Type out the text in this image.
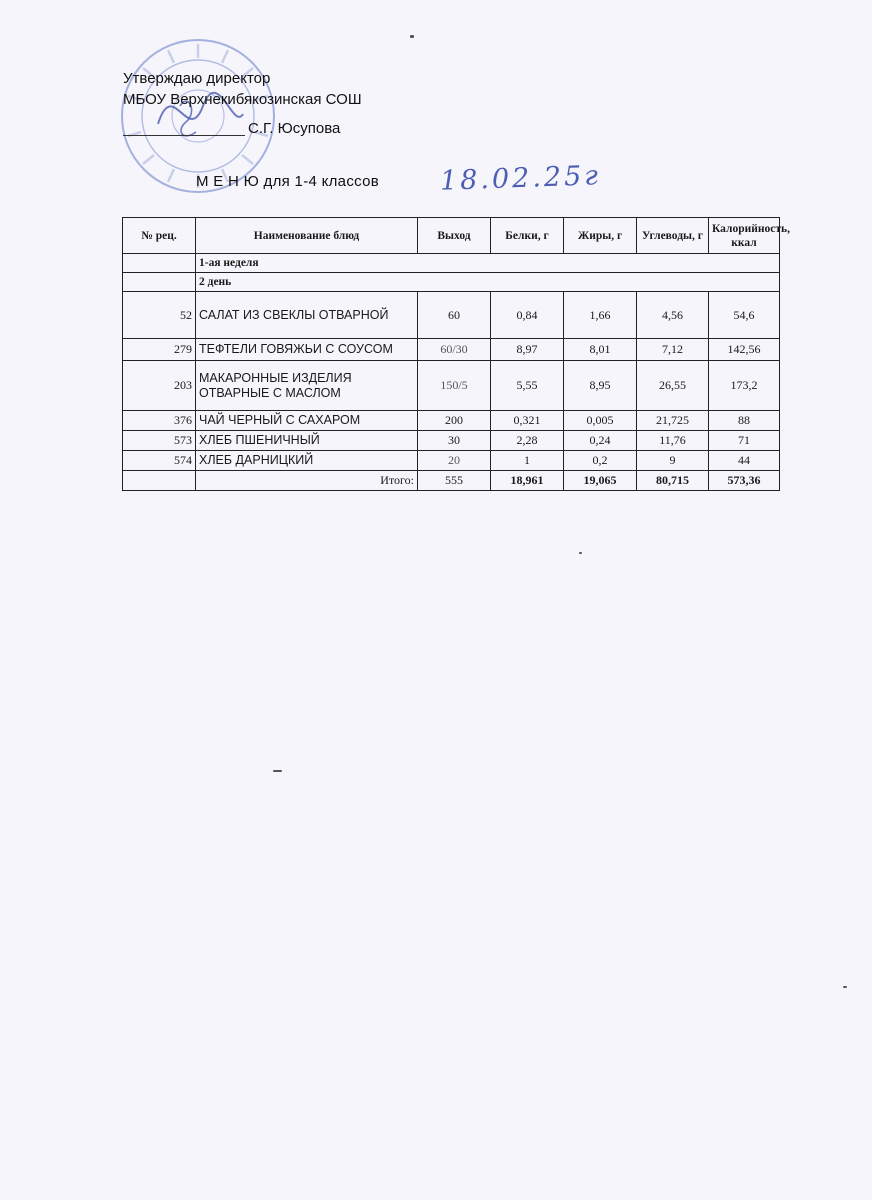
Утверждаю директор
МБОУ Верхнекибякозинская СОШ
С.Г. Юсупова
М Е Н Ю для 1-4 классов 18.02.25г
№ рец.	Наименование блюд	Выход	Белки, г	Жиры, г	Углеводы, г	Калорийность, ккал
	1-ая неделя					
	2 день					
52	САЛАТ ИЗ СВЕКЛЫ ОТВАРНОЙ	60	0,84	1,66	4,56	54,6
279	ТЕФТЕЛИ ГОВЯЖЬИ С СОУСОМ	60/30	8,97	8,01	7,12	142,56
203	МАКАРОННЫЕ ИЗДЕЛИЯ ОТВАРНЫЕ С МАСЛОМ	150/5	5,55	8,95	26,55	173,2
376	ЧАЙ ЧЕРНЫЙ С САХАРОМ	200	0,321	0,005	21,725	88
573	ХЛЕБ ПШЕНИЧНЫЙ	30	2,28	0,24	11,76	71
574	ХЛЕБ ДАРНИЦКИЙ	20	1	0,2	9	44
	Итого:	555	18,961	19,065	80,715	573,36
